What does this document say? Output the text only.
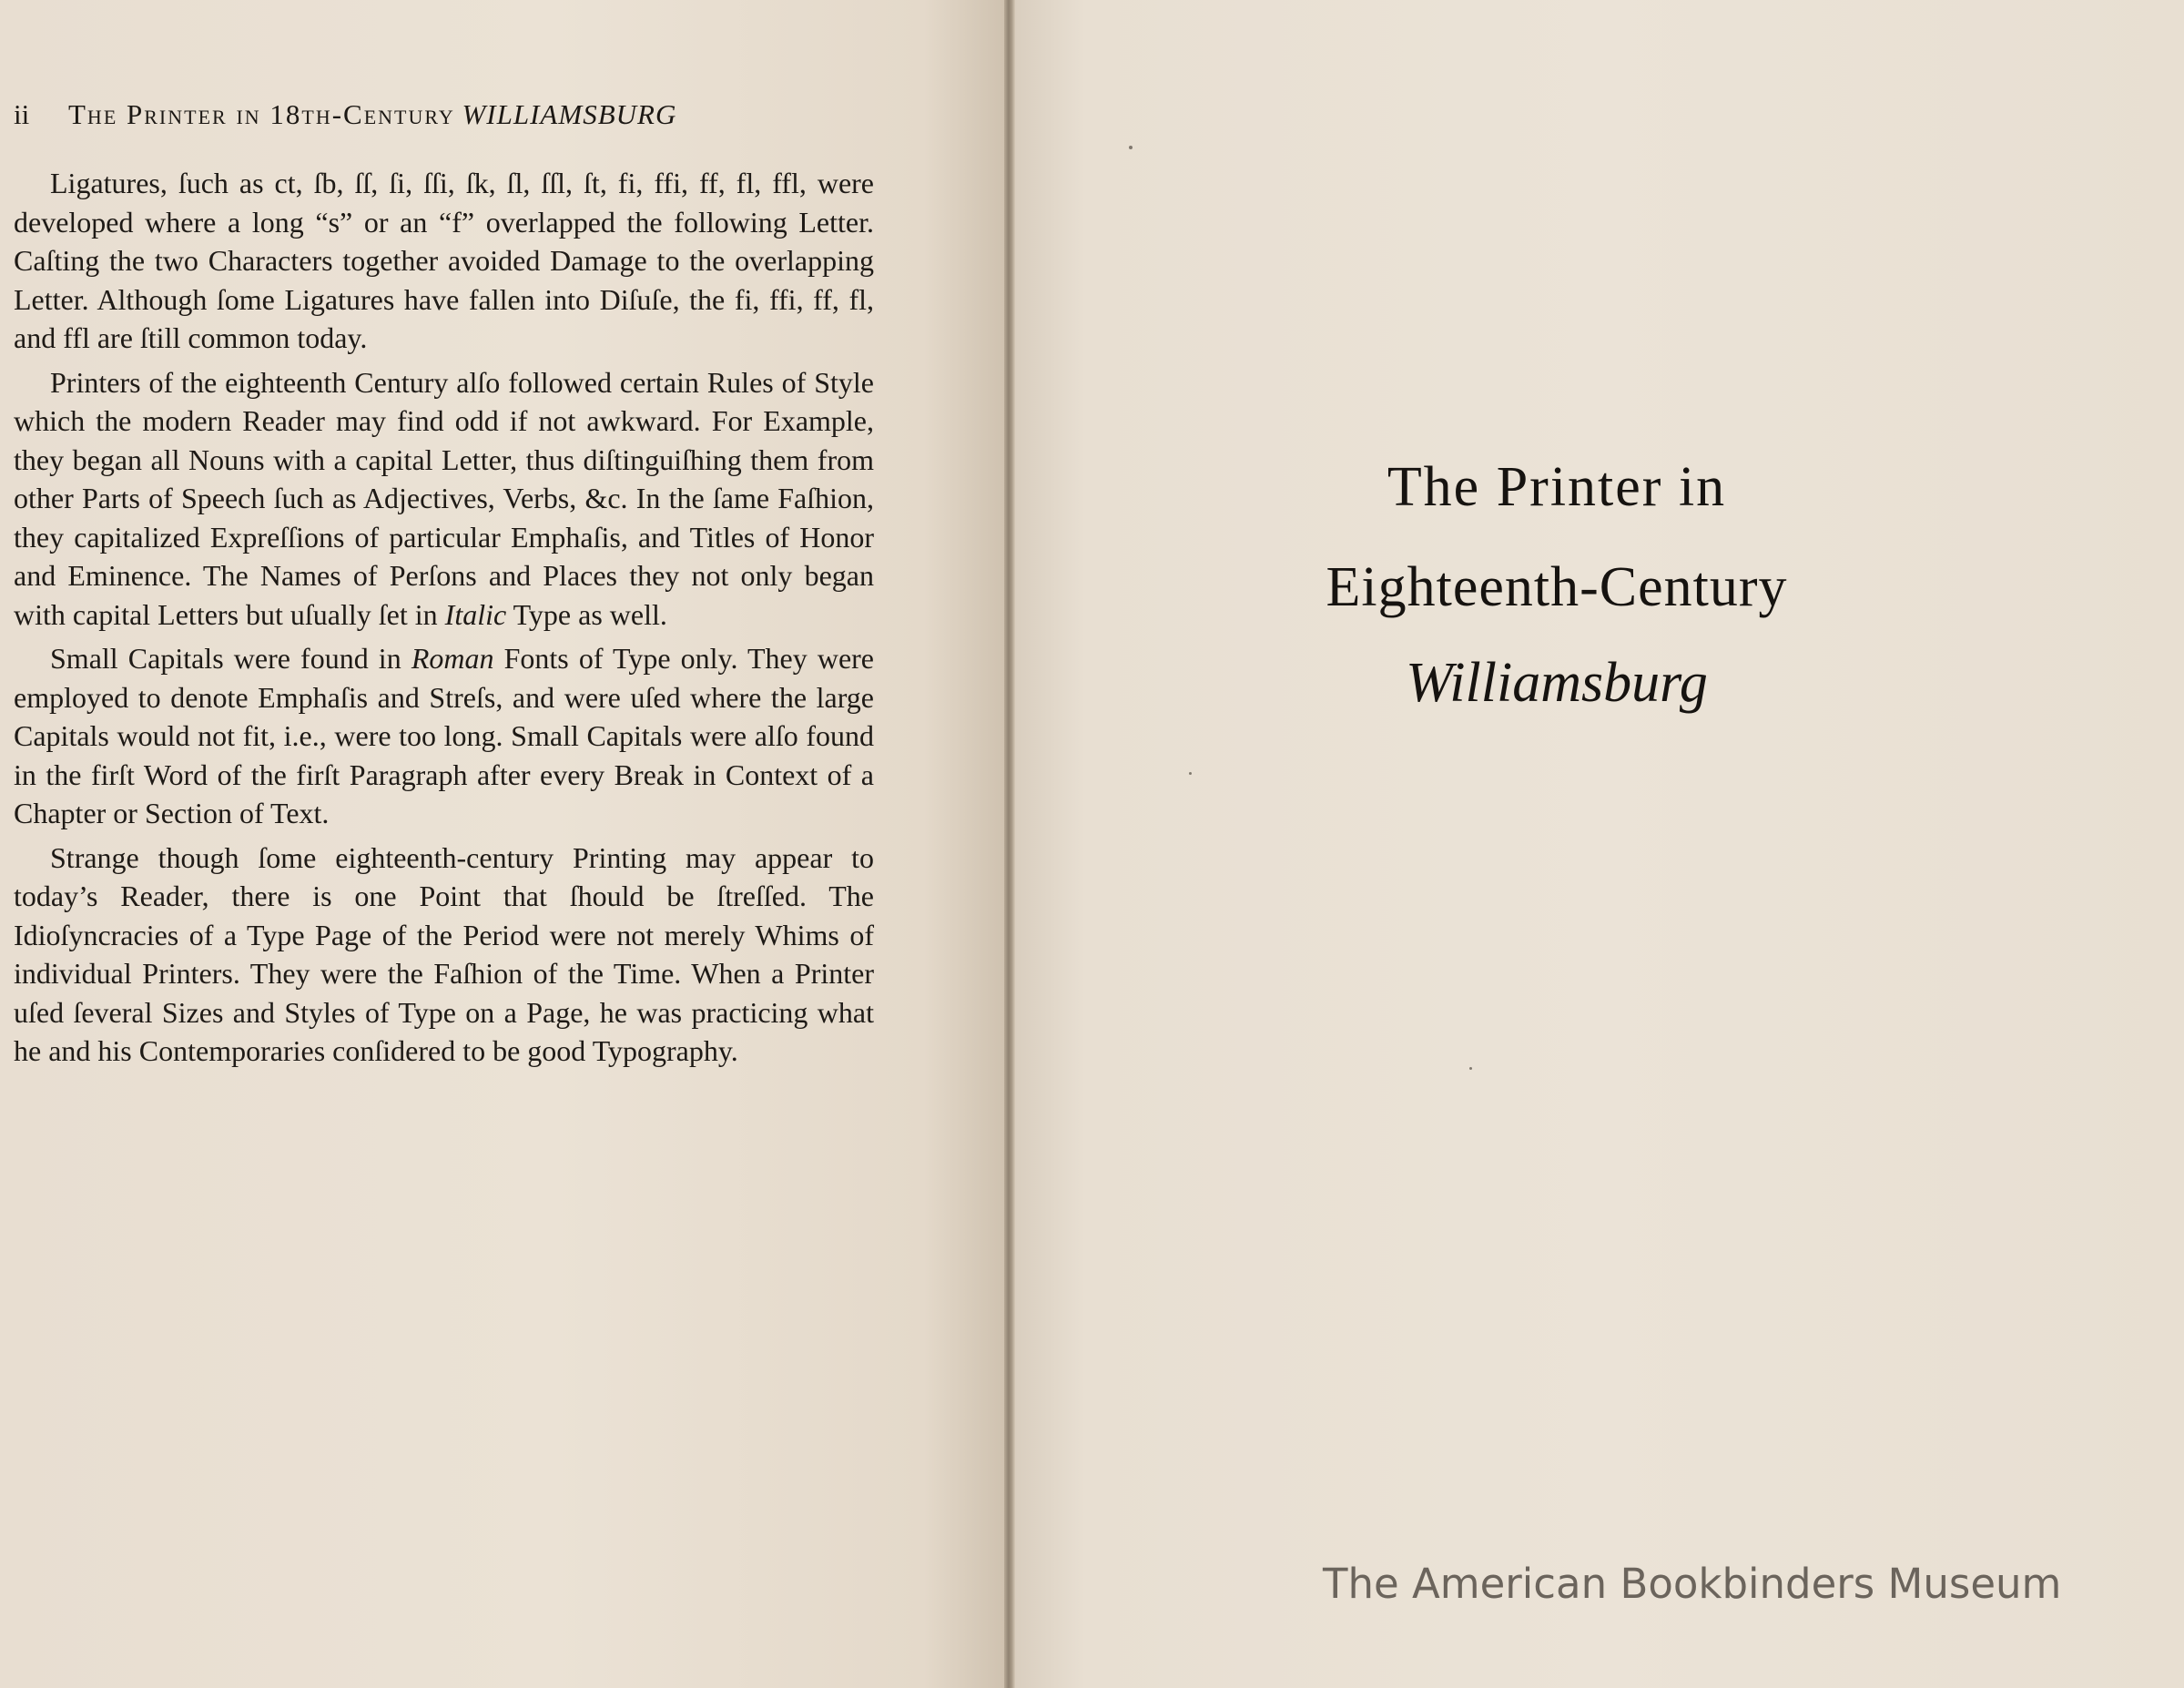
ii The Printer in 18th-Century WILLIAMSBURG

Ligatures, ſuch as ct, ſb, ſſ, ſi, ſſi, ſk, ſl, ſſl, ſt, fi, ffi, ff, fl, ffl, were developed where a long “s” or an “f” overlapped the following Letter. Caſting the two Characters together avoided Damage to the overlapping Letter. Although ſome Ligatures have fallen into Diſuſe, the fi, ffi, ff, fl, and ffl are ſtill common today.

Printers of the eighteenth Century alſo followed certain Rules of Style which the modern Reader may find odd if not awkward. For Example, they began all Nouns with a capital Letter, thus diſtinguiſhing them from other Parts of Speech ſuch as Adjectives, Verbs, &c. In the ſame Faſhion, they capitalized Expreſſions of particular Emphaſis, and Titles of Honor and Eminence. The Names of Perſons and Places they not only began with capital Letters but uſually ſet in Italic Type as well.

Small Capitals were found in Roman Fonts of Type only. They were employed to denote Emphaſis and Streſs, and were uſed where the large Capitals would not fit, i.e., were too long. Small Capitals were alſo found in the firſt Word of the firſt Paragraph after every Break in Context of a Chapter or Section of Text.

Strange though ſome eighteenth-century Printing may appear to today’s Reader, there is one Point that ſhould be ſtreſſed. The Idioſyncracies of a Type Page of the Period were not merely Whims of individual Printers. They were the Faſhion of the Time. When a Printer uſed ſeveral Sizes and Styles of Type on a Page, he was practicing what he and his Contemporaries conſidered to be good Typography.

The Printer in
Eighteenth-Century
Williamsburg
The American Bookbinders Museum
